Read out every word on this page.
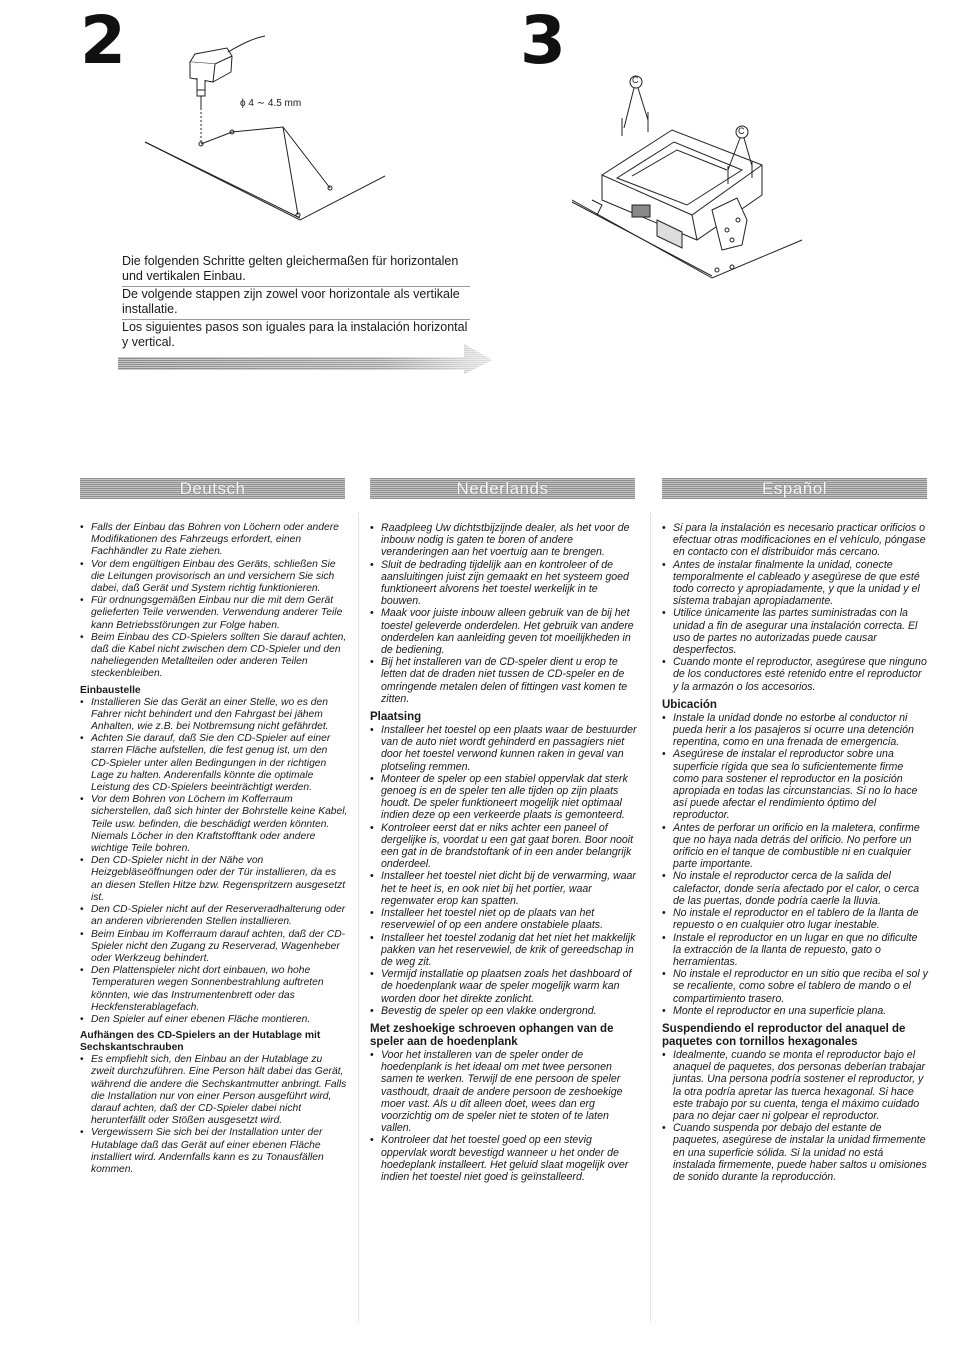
2	3
ϕ 4 ∼ 4.5 mm
C
C
Die folgenden Schritte gelten gleichermaßen für horizontalen und vertikalen Einbau.
De volgende stappen zijn zowel voor horizontale als vertikale installatie.
Los siguientes pasos son iguales para la instalación horizontal y vertical.
Deutsch	Nederlands	Español
• Falls der Einbau das Bohren von Löchern oder andere Modifikationen des Fahrzeugs erfordert, einen Fachhändler zu Rate ziehen.
• Vor dem engültigen Einbau des Geräts, schließen Sie die Leitungen provisorisch an und versichern Sie sich dabei, daß Gerät und System richtig funktionieren.
• Für ordnungsgemäßen Einbau nur die mit dem Gerät gelieferten Teile verwenden. Verwendung anderer Teile kann Betriebsstörungen zur Folge haben.
• Beim Einbau des CD-Spielers sollten Sie darauf achten, daß die Kabel nicht zwischen dem CD-Spieler und den naheliegenden Metallteilen oder anderen Teilen steckenbleiben.
Einbaustelle
• Installieren Sie das Gerät an einer Stelle, wo es den Fahrer nicht behindert und den Fahrgast bei jähem Anhalten, wie z.B. bei Notbremsung nicht gefährdet.
• Achten Sie darauf, daß Sie den CD-Spieler auf einer starren Fläche aufstellen, die fest genug ist, um den CD-Spieler unter allen Bedingungen in der richtigen Lage zu halten. Anderenfalls könnte die optimale Leistung des CD-Spielers beeinträchtigt werden.
• Vor dem Bohren von Löchern im Kofferraum sicherstellen, daß sich hinter der Bohrstelle keine Kabel, Teile usw. befinden, die beschädigt werden könnten. Niemals Löcher in den Kraftstofftank oder andere wichtige Teile bohren.
• Den CD-Spieler nicht in der Nähe von Heizgebläseöffnungen oder der Tür installieren, da es an diesen Stellen Hitze bzw. Regenspritzern ausgesetzt ist.
• Den CD-Spieler nicht auf der Reserveradhalterung oder an anderen vibrierenden Stellen installieren.
• Beim Einbau im Kofferraum darauf achten, daß der CD-Spieler nicht den Zugang zu Reserverad, Wagenheber oder Werkzeug behindert.
• Den Plattenspieler nicht dort einbauen, wo hohe Temperaturen wegen Sonnenbestrahlung auftreten könnten, wie das Instrumentenbrett oder das Heckfensterablagefach.
• Den Spieler auf einer ebenen Fläche montieren.
Aufhängen des CD-Spielers an der Hutablage mit Sechskantschrauben
• Es empfiehlt sich, den Einbau an der Hutablage zu zweit durchzuführen. Eine Person hält dabei das Gerät, während die andere die Sechskantmutter anbringt. Falls die Installation nur von einer Person ausgeführt wird, darauf achten, daß der CD-Spieler dabei nicht herunterfällt oder Stößen ausgesetzt wird.
• Vergewissern Sie sich bei der Installation unter der Hutablage daß das Gerät auf einer ebenen Fläche installiert wird. Andernfalls kann es zu Tonausfällen kommen.
• Raadpleeg Uw dichtstbijzijnde dealer, als het voor de inbouw nodig is gaten te boren of andere veranderingen aan het voertuig aan te brengen.
• Sluit de bedrading tijdelijk aan en kontroleer of de aansluitingen juist zijn gemaakt en het systeem goed funktioneert alvorens het toestel werkelijk in te bouwen.
• Maak voor juiste inbouw alleen gebruik van de bij het toestel geleverde onderdelen. Het gebruik van andere onderdelen kan aanleiding geven tot moeilijkheden in de bediening.
• Bij het installeren van de CD-speler dient u erop te letten dat de draden niet tussen de CD-speler en de omringende metalen delen of fittingen vast komen te zitten.
Plaatsing
• Installeer het toestel op een plaats waar de bestuurder van de auto niet wordt gehinderd en passagiers niet door het toestel verwond kunnen raken in geval van plotseling remmen.
• Monteer de speler op een stabiel oppervlak dat sterk genoeg is en de speler ten alle tijden op zijn plaats houdt. De speler funktioneert mogelijk niet optimaal indien deze op een verkeerde plaats is gemonteerd.
• Kontroleer eerst dat er niks achter een paneel of dergelijke is, voordat u een gat gaat boren. Boor nooit een gat in de brandstoftank of in een ander belangrijk onderdeel.
• Installeer het toestel niet dicht bij de verwarming, waar het te heet is, en ook niet bij het portier, waar regenwater erop kan spatten.
• Installeer het toestel niet op de plaats van het reservewiel of op een andere onstabiele plaats.
• Installeer het toestel zodanig dat het niet het makkelijk pakken van het reservewiel, de krik of gereedschap in de weg zit.
• Vermijd installatie op plaatsen zoals het dashboard of de hoedenplank waar de speler mogelijk warm kan worden door het direkte zonlicht.
• Bevestig de speler op een vlakke ondergrond.
Met zeshoekige schroeven ophangen van de speler aan de hoedenplank
• Voor het installeren van de speler onder de hoedenplank is het ideaal om met twee personen samen te werken. Terwijl de ene persoon de speler vasthoudt, draait de andere persoon de zeshoekige moer vast. Als u dit alleen doet, wees dan erg voorzichtig om de speler niet te stoten of te laten vallen.
• Kontroleer dat het toestel goed op een stevig oppervlak wordt bevestigd wanneer u het onder de hoedeplank installeert. Het geluid slaat mogelijk over indien het toestel niet goed is geïnstalleerd.
• Si para la instalación es necesario practicar orificios o efectuar otras modificaciones en el vehículo, póngase en contacto con el distribuidor más cercano.
• Antes de instalar finalmente la unidad, conecte temporalmente el cableado y asegúrese de que esté todo correcto y apropiadamente, y que la unidad y el sistema trabajan apropiadamente.
• Utilice únicamente las partes suministradas con la unidad a fin de asegurar una instalación correcta. El uso de partes no autorizadas puede causar desperfectos.
• Cuando monte el reproductor, asegúrese que ninguno de los conductores esté retenido entre el reproductor y la armazón o los accesorios.
Ubicación
• Instale la unidad donde no estorbe al conductor ni pueda herir a los pasajeros si ocurre una detención repentina, como en una frenada de emergencia.
• Asegúrese de instalar el reproductor sobre una superficie rígida que sea lo suficientemente firme como para sostener el reproductor en la posición apropiada en todas las circunstancias. Si no lo hace así puede afectar el rendimiento óptimo del reproductor.
• Antes de perforar un orificio en la maletera, confirme que no haya nada detrás del orificio. No perfore un orificio en el tanque de combustible ni en cualquier parte importante.
• No instale el reproductor cerca de la salida del calefactor, donde sería afectado por el calor, o cerca de las puertas, donde podría caerle la lluvia.
• No instale el reproductor en el tablero de la llanta de repuesto o en cualquier otro lugar inestable.
• Instale el reproductor en un lugar en que no dificulte la extracción de la llanta de repuesto, gato o herramientas.
• No instale el reproductor en un sitio que reciba el sol y se recaliente, como sobre el tablero de mando o el compartimiento trasero.
• Monte el reproductor en una superficie plana.
Suspendiendo el reproductor del anaquel de paquetes con tornillos hexagonales
• Idealmente, cuando se monta el reproductor bajo el anaquel de paquetes, dos personas deberían trabajar juntas. Una persona podría sostener el reproductor, y la otra podría apretar las tuerca hexagonal. Si hace este trabajo por su cuenta, tenga el máximo cuidado para no dejar caer ni golpear el reproductor.
• Cuando suspenda por debajo del estante de paquetes, asegúrese de instalar la unidad firmemente en una superficie sólida. Si la unidad no está instalada firmemente, puede haber saltos u omisiones de sonido durante la reproducción.
